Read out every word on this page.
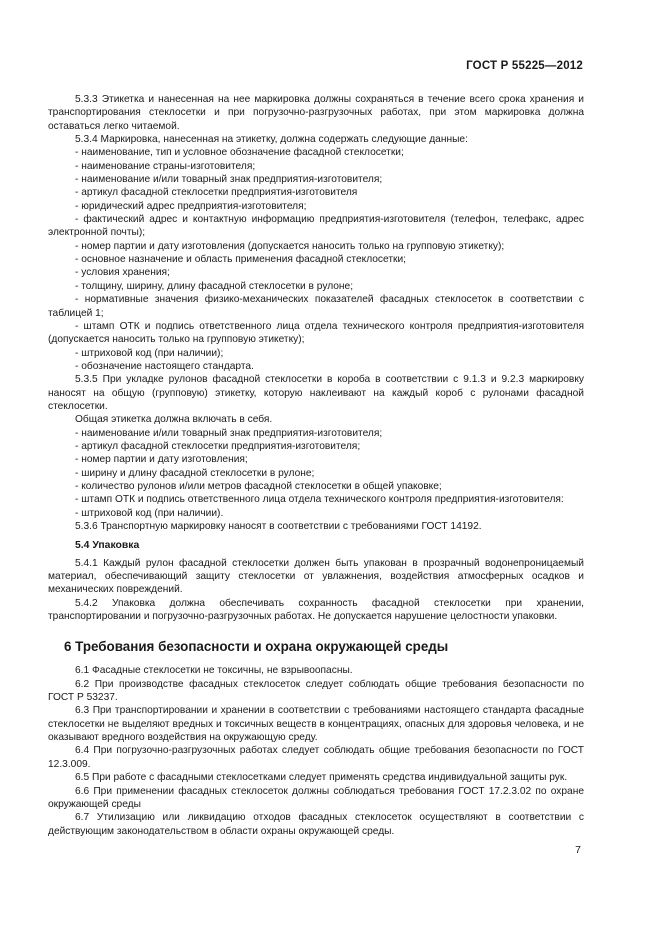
ГОСТ Р 55225—2012

5.3.3 Этикетка и нанесенная на нее маркировка должны сохраняться в течение всего срока хранения и транспортирования стеклосетки и при погрузочно-разгрузочных работах, при этом маркировка должна оставаться легко читаемой.

5.3.4 Маркировка, нанесенная на этикетку, должна содержать следующие данные:

- наименование, тип и условное обозначение фасадной стеклосетки;

- наименование страны-изготовителя;

- наименование и/или товарный знак предприятия-изготовителя;

- артикул фасадной стеклосетки предприятия-изготовителя

- юридический адрес предприятия-изготовителя;

- фактический адрес и контактную информацию предприятия-изготовителя (телефон, телефакс, адрес электронной почты);

- номер партии и дату изготовления (допускается наносить только на групповую этикетку);

- основное назначение и область применения фасадной стеклосетки;

- условия хранения;

- толщину, ширину, длину фасадной стеклосетки в рулоне;

- нормативные значения физико-механических показателей фасадных стеклосеток в соответствии с таблицей 1;

- штамп ОТК и подпись ответственного лица отдела технического контроля предприятия-изготовителя (допускается наносить только на групповую этикетку);

- штриховой код (при наличии);

- обозначение настоящего стандарта.

5.3.5 При укладке рулонов фасадной стеклосетки в короба в соответствии с 9.1.3 и 9.2.3 маркировку наносят на общую (групповую) этикетку, которую наклеивают на каждый короб с рулонами фасадной стеклосетки.

Общая этикетка должна включать в себя.

- наименование и/или товарный знак предприятия-изготовителя;

- артикул фасадной стеклосетки предприятия-изготовителя;

- номер партии и дату изготовления;

- ширину и длину фасадной стеклосетки в рулоне;

- количество рулонов и/или метров фасадной стеклосетки в общей упаковке;

- штамп ОТК и подпись ответственного лица отдела технического контроля предприятия-изготовителя:

- штриховой код (при наличии).

5.3.6 Транспортную маркировку наносят в соответствии с требованиями ГОСТ 14192.

5.4 Упаковка

5.4.1 Каждый рулон фасадной стеклосетки должен быть упакован в прозрачный водонепроницаемый материал, обеспечивающий защиту стеклосетки от увлажнения, воздействия атмосферных осадков и механических повреждений.

5.4.2 Упаковка должна обеспечивать сохранность фасадной стеклосетки при хранении, транспортировании и погрузочно-разгрузочных работах. Не допускается нарушение целостности упаковки.

6 Требования безопасности и охрана окружающей среды

6.1 Фасадные стеклосетки не токсичны, не взрывоопасны.

6.2 При производстве фасадных стеклосеток следует соблюдать общие требования безопасности по ГОСТ Р 53237.

6.3 При транспортировании и хранении в соответствии с требованиями настоящего стандарта фасадные стеклосетки не выделяют вредных и токсичных веществ в концентрациях, опасных для здоровья человека, и не оказывают вредного воздействия на окружающую среду.

6.4 При погрузочно-разгрузочных работах следует соблюдать общие требования безопасности по ГОСТ 12.3.009.

6.5 При работе с фасадными стеклосетками следует применять средства индивидуальной защиты рук.

6.6 При применении фасадных стеклосеток должны соблюдаться требования ГОСТ 17.2.3.02 по охране окружающей среды

6.7 Утилизацию или ликвидацию отходов фасадных стеклосеток осуществляют в соответствии с действующим законодательством в области охраны окружающей среды.

7
